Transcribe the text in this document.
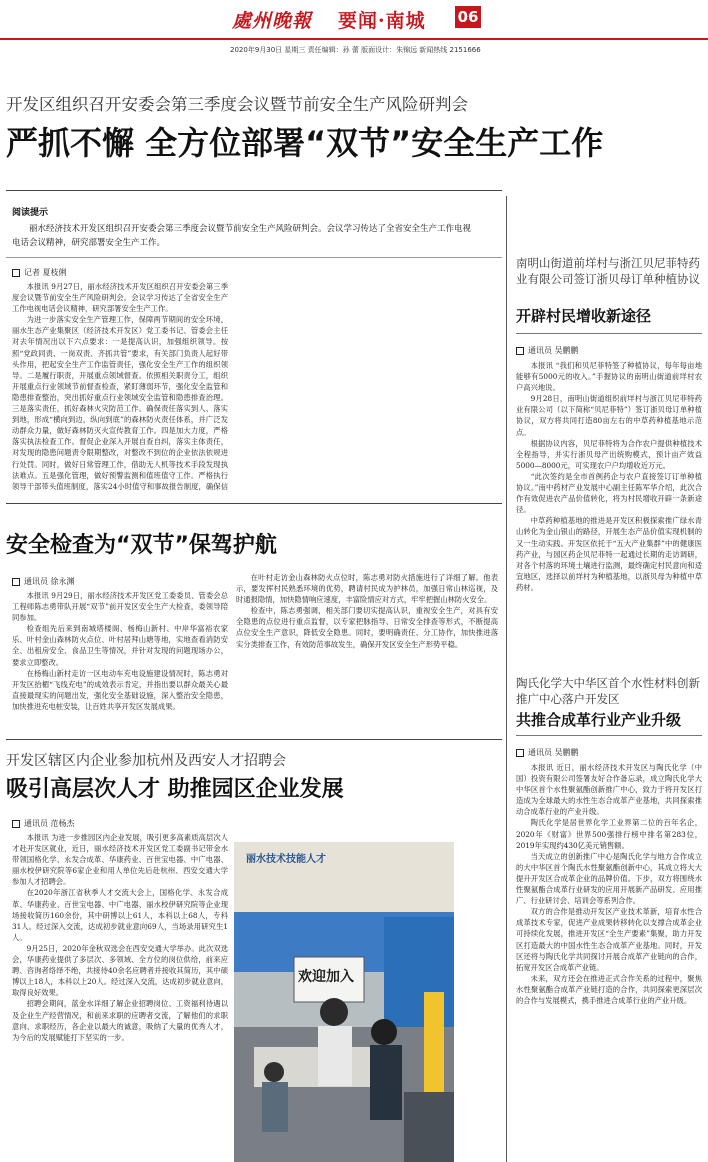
處州晚報 要闻·南城 06
2020年9月30日 星期三 责任编辑：孙 蕾 版面设计：朱锦远 新闻热线 2151666
开发区组织召开安委会第三季度会议暨节前安全生产风险研判会
严抓不懈 全方位部署“双节”安全生产工作
阅读提示
丽水经济技术开发区组织召开安委会第三季度会议暨节前安全生产风险研判会。会议学习传达了全省安全生产工作电视电话会议精神，研究部署安全生产工作。
记者 夏枝俐

本报讯 9月27日，丽水经济技术开发区组织召开安委会第三季度会议暨节前安全生产风险研判会。会议学习传达了全省安全生产工作电视电话会议精神，研究部署安全生产工作。

为进一步落实安全生产管理工作，保障两节期间的安全环境，丽水生态产业集聚区（经济技术开发区）党工委书记、管委会主任对去年情况出以下六点要求：一是提高认识，加强组织领导。按照“党政同责、一岗双责、齐抓共管”要求，有关部门负责人起好带头作用，把起安全生产工作监管责任，强化安全生产工作的组织领导。二是履行职责，开展重点领域督查。依照相关职责分工，组织开展重点行业领域节前督查检查，紧盯薄弱环节，强化安全监管和隐患排查整治，突出抓好重点行业领域安全监管和隐患排查治理。三是落实责任，抓好森林火灾防范工作。确保责任落实到人、落实到地，形成“横向到边，纵向到底”的森林防火责任体系，并广泛发动群众力量，做好森林防灭火宣传教育工作。四是加大力度，严格落实执法检查工作。督促企业深入开展自查自纠，落实主体责任，对发现的隐患问题责令限期整改，对整改不到位的企业依法依规进行处罚。同时，做好日常管理工作，借助无人机等技术手段发现执法难点。五是强化管理，做好预警监测和值班值守工作。严格执行领导干部带头值班制度，落实24小时值守和事故报告制度，确保信

安全检查为“双节”保驾护航
通讯员 徐永渊

本报讯 9月29日，丽水经济技术开发区党工委委员、管委会总工程师陈志勇带队开展“双节”前开发区安全生产大检查，委领导陪同参加。

检查组先后来到南城塔楼阁、杨梅山新村、中岸华富裕农家乐、叶村金山森林防火点位、叶村居拜山塘等地，实地查看消防安全、出租房安全、食品卫生等情况，并针对发现的问题现场办公，要求立即整改。

在杨梅山新村走访一区电动车充电设施建设情况时，陈志勇对开发区抬楣“飞线充电”的成效表示肯定，并指出要以群众最关心最直接最现实的问题出发，强化安全基础设施，深入整治安全隐患，加快推进充电桩安装，让百姓共享开发区发展成果。

在叶村走访金山森林防火点位时，陈志勇对防火措施进行了详细了解。他表示，要发挥村民熟悉环境的优势，聘请村民成为护林员，加强日常山林巡视，及时通报隐情，加快隐情响应速度，丰富险情应对方式，牢牢把握山林防火安全。

检查中，陈志勇强调，相关部门要切实提高认识，重视安全生产，对具有安全隐患的点位进行重点监督，以专家把脉指导、日常安全排查等形式，不断提高点位安全生产意识，降低安全隐患。同时，要明确责任、分工协作，加快推进落实分类排查工作，有效防范事故发生，确保开发区安全生产形势平稳。

开发区辖区内企业参加杭州及西安人才招聘会
吸引高层次人才 助推园区企业发展
通讯员 范杨杰

本报讯 为进一步推园区内企业发展，吸引更多高素质高层次人才赴开发区就业，近日，丽水经济技术开发区党工委副书记带金水带领国格化学、永发合成革、华康药业、百世宝电器、中广电器、丽水校伊研究院等6家企业和用人单位先后赴杭州、西安交通大学参加人才招聘会。

在2020年浙江省秋季人才交流大会上，国格化学、永发合成革、华康药业、百世宝电器、中广电器、丽水校伊研究院等企业现场接收简历160余份，其中研博以上61人，本科以上68人，专科31人。经过深入交流，达成初步就业意向69人，当场录用研究生1人。

9月25日，2020年金秋双选会在西安交通大学举办。此次双选会，华康药业提供了多层次、多领域、全方位的岗位供给，前来应聘、咨询者络绎不绝，共接待40余名应聘者并接收其简历，其中硕博以上18人，本科以上20人。经过深入交流，达成初步就业意向，取得良好效果。

招聘会期间，蓝金水详细了解企业招聘岗位、工资福利待遇以及企业生产经营情况，和前来求职的应聘者交流，了解他们的求职意向、求职经历，各企业以最大的诚意，吸纳了大量的优秀人才，为今后的发展赋能打下坚实的一步。

丽水技术技能人才
欢迎加入
南明山街道前垟村与浙江贝尼菲特药业有限公司签订浙贝母订单种植协议
开辟村民增收新途径
通讯员 吴鹏鹏

本报讯 “我们和贝尼菲特签了种植协议，每年每亩地能够有5000元的收入。”手握协议的南明山街道前垟村农户高兴地说。

9月28日，南明山街道组织前垟村与浙江贝尼菲特药业有限公司（以下简称“贝尼菲特”）签订浙贝母订单种植协议，双方将共同打造80亩左右的中草药种植基地示范点。

根据协议内容，贝尼菲特将为合作农户提供种植技术全程指导，并实行浙贝母产出统购模式，预计亩产效益5000—8000元，可实现农户户均增收近万元。

“此次签约是全市首例药企与农户直接签订订单种植协议。”南中药材产业发展中心副主任陈军华介绍，此次合作有效促进农产品价值转化，将为村民增收开辟一条新途径。

中草药种植基地的推进是开发区积极探索推广绿水青山转化为金山银山的路径，开展生态产品价值实现机制的又一生动实践。开发区依托于“五大产业集群”中的健康医药产业，与园区药企贝尼菲特一起通过长期的走访调研，对各个村落的环境土壤进行监测，最终确定村民意向和适宜地区，选择以前垟村为种植基地，以浙贝母为种植中草药材。

陶氏化学大中华区首个水性材料创新推广中心落户开发区
共推合成革行业产业升级
通讯员 吴鹏鹏

本报讯 近日，丽水经济技术开发区与陶氏化学（中国）投资有限公司签署友好合作备忘录，成立陶氏化学大中华区首个水性聚氨酯创新推广中心，致力于将开发区打造成为全球最大的水性生态合成革产业基地，共同探索推动合成革行业的产业升级。

陶氏化学是居世界化学工业界第二位的百年名企，2020年《财富》世界500强排行榜中排名第283位，2019年实现约430亿美元销售额。

当天成立的创新推广中心是陶氏化学与地方合作成立的大中华区首个陶氏水性聚氨酯创新中心，其成立将大大提升开发区合成革企业的品牌价值。下步，双方将围绕水性聚氨酯合成革行业研发的应用开展新产品研发、应用推广、行业研讨会、培训会等系列合作。

双方的合作是推动开发区产业技术革新，培育水性合成革技术专家，促进产业成果转移转化以支撑合成革企业可持续化发展，推进开发区“全生产要素”集聚，助力开发区打造最大的中国水性生态合成革产业基地。同时，开发区还将与陶氏化学共同探讨开展合成革产业链向的合作，拓宽开发区合成革产业链。

未来，双方还会在推进正式合作关系的过程中，聚焦水性聚氨酯合成革产业链打造的合作，共同探索更深层次的合作与发展模式，携手推进合成革行业的产业升级。
